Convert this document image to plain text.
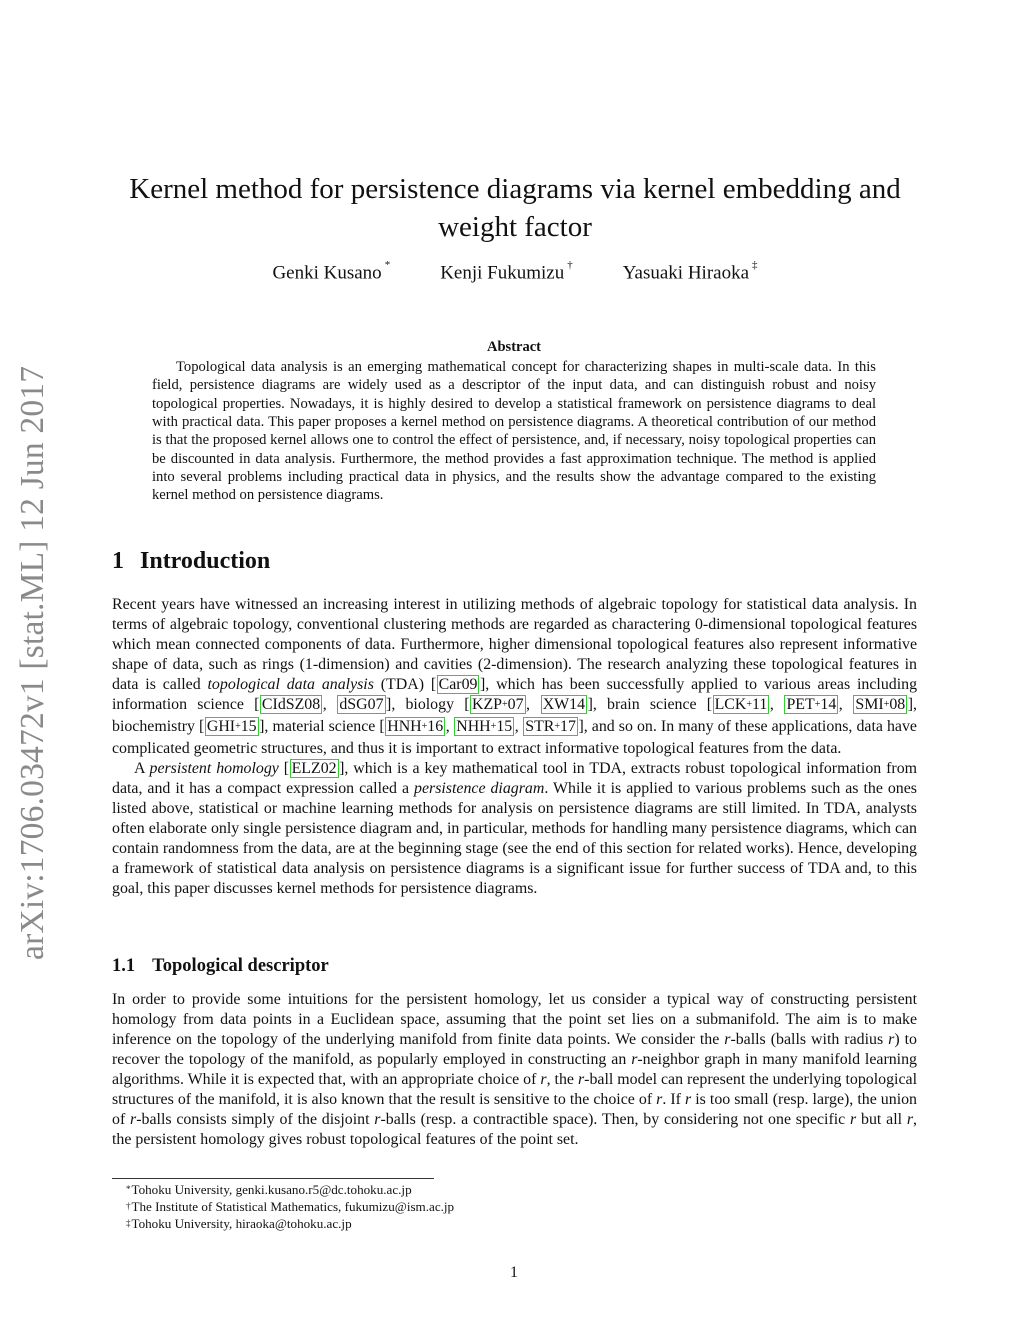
arXiv:1706.03472v1 [stat.ML] 12 Jun 2017
Kernel method for persistence diagrams via kernel embedding and weight factor
Genki Kusano *	Kenji Fukumizu †	Yasuaki Hiraoka ‡
Abstract

Topological data analysis is an emerging mathematical concept for characterizing shapes in multi-scale data. In this field, persistence diagrams are widely used as a descriptor of the input data, and can distinguish robust and noisy topological properties. Nowadays, it is highly desired to develop a statistical framework on persistence diagrams to deal with practical data. This paper proposes a kernel method on persistence diagrams. A theoretical contribution of our method is that the proposed kernel allows one to control the effect of persistence, and, if necessary, noisy topological properties can be discounted in data analysis. Furthermore, the method provides a fast approximation technique. The method is applied into several problems including practical data in physics, and the results show the advantage compared to the existing kernel method on persistence diagrams.

1 Introduction
Recent years have witnessed an increasing interest in utilizing methods of algebraic topology for statistical data analysis. In terms of algebraic topology, conventional clustering methods are regarded as charactering 0-dimensional topological features which mean connected components of data. Furthermore, higher dimensional topological features also represent informative shape of data, such as rings (1-dimension) and cavities (2-dimension). The research analyzing these topological features in data is called topological data analysis (TDA) [ Car09 ], which has been successfully applied to various areas including information science [ CIdSZ08 , dSG07 ], biology [ KZP+07 , XW14 ], brain science [ LCK+11 , PET+14 , SMI+08 ], biochemistry [ GHI+15 ], material science [ HNH+16 , NHH+15 , STR+17 ], and so on. In many of these applications, data have complicated geometric structures, and thus it is important to extract informative topological features from the data.
A persistent homology [ ELZ02 ], which is a key mathematical tool in TDA, extracts robust topological information from data, and it has a compact expression called a persistence diagram. While it is applied to various problems such as the ones listed above, statistical or machine learning methods for analysis on persistence diagrams are still limited. In TDA, analysts often elaborate only single persistence diagram and, in particular, methods for handling many persistence diagrams, which can contain randomness from the data, are at the beginning stage (see the end of this section for related works). Hence, developing a framework of statistical data analysis on persistence diagrams is a significant issue for further success of TDA and, to this goal, this paper discusses kernel methods for persistence diagrams.
1.1 Topological descriptor
In order to provide some intuitions for the persistent homology, let us consider a typical way of constructing persistent homology from data points in a Euclidean space, assuming that the point set lies on a submanifold. The aim is to make inference on the topology of the underlying manifold from finite data points. We consider the r-balls (balls with radius r) to recover the topology of the manifold, as popularly employed in constructing an r-neighbor graph in many manifold learning algorithms. While it is expected that, with an appropriate choice of r, the r-ball model can represent the underlying topological structures of the manifold, it is also known that the result is sensitive to the choice of r. If r is too small (resp. large), the union of r-balls consists simply of the disjoint r-balls (resp. a contractible space). Then, by considering not one specific r but all r, the persistent homology gives robust topological features of the point set.
*Tohoku University, genki.kusano.r5@dc.tohoku.ac.jp
†The Institute of Statistical Mathematics, fukumizu@ism.ac.jp
‡Tohoku University, hiraoka@tohoku.ac.jp
1
